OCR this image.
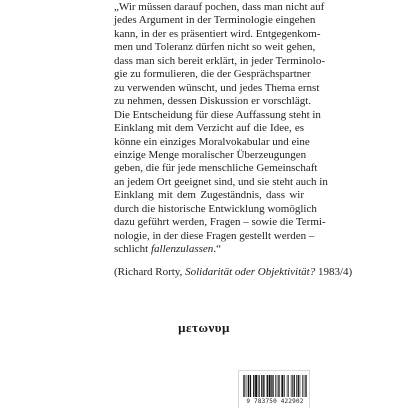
„Wir müssen darauf pochen, dass man nicht auf
jedes Argument in der Terminologie eingehen
kann, in der es präsentiert wird. Entgegenkom-
men und Toleranz dürfen nicht so weit gehen,
dass man sich bereit erklärt, in jeder Terminolo-
gie zu formulieren, die der Gesprächspartner
zu verwenden wünscht, und jedes Thema ernst
zu nehmen, dessen Diskussion er vorschlägt.
Die Entscheidung für diese Auffassung steht in
Einklang mit dem Verzicht auf die Idee, es
könne ein einziges Moralvokabular und eine
einzige Menge moralischer Überzeugungen
geben, die für jede menschliche Gemeinschaft
an jedem Ort geeignet sind, und sie steht auch in
Einklang mit dem Zugeständnis, dass wir
durch die historische Entwicklung womöglich
dazu geführt werden, Fragen – sowie die Termi-
nologie, in der diese Fragen gestellt werden –
schlicht fallenzulassen.“
(Richard Rorty, Solidarität oder Objektivität? 1983/4)
μετωνυμ
9 783750 422902
